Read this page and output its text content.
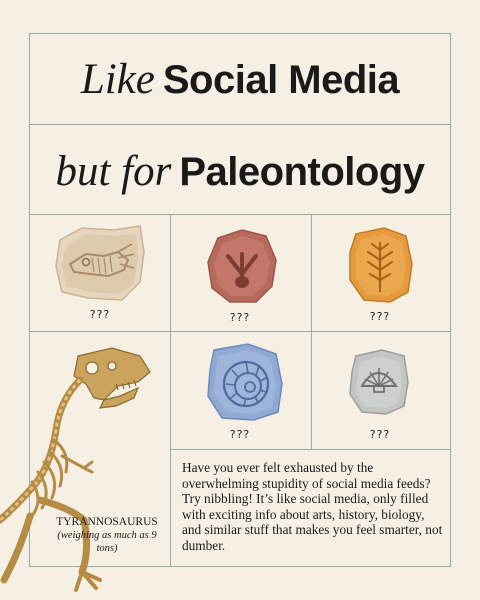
Like Social Media
but for Paleontology
???	???	???
???	???
TYRANNOSAURUS
(weighing as much as 9 tons)
Have you ever felt exhausted by the overwhelming stupidity of social media feeds? Try nibbling! It’s like social media, only filled with exciting info about arts, history, biology, and similar stuff that makes you feel smarter, not dumber.
